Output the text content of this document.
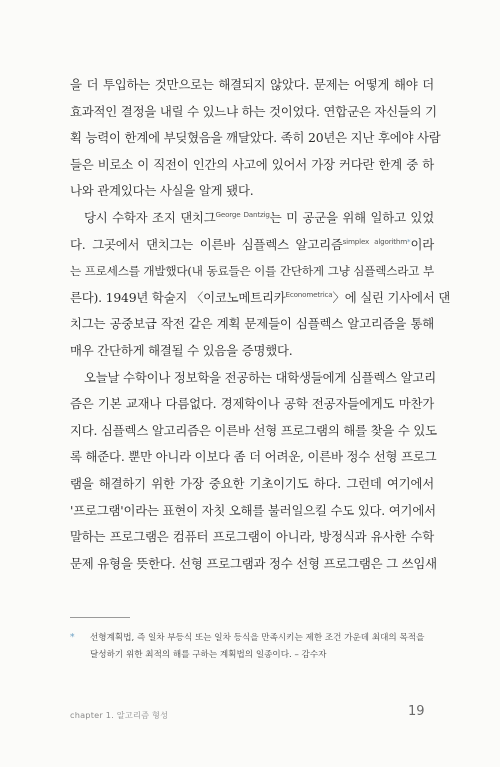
을 더 투입하는 것만으로는 해결되지 않았다. 문제는 어떻게 해야 더
효과적인 결정을 내릴 수 있느냐 하는 것이었다. 연합군은 자신들의 기
획 능력이 한계에 부딪혔음을 깨달았다. 족히 20년은 지난 후에야 사람
들은 비로소 이 직전이 인간의 사고에 있어서 가장 커다란 한계 중 하
나와 관계있다는 사실을 알게 됐다.
당시 수학자 조지 댄치그$^{George Dantzig}$는 미 공군을 위해 일하고 있었
다. 그곳에서 댄치그는 이른바 심플렉스 알고리즘$^{simplex algorithm*}$이라
는 프로세스를 개발했다(내 동료들은 이를 간단하게 그냥 심플렉스라고 부
른다). 1949년 학술지 〈이코노메트리카$^{Econometrica}$〉에 실린 기사에서 댄
치그는 공중보급 작전 같은 계획 문제들이 심플렉스 알고리즘을 통해
매우 간단하게 해결될 수 있음을 증명했다.
오늘날 수학이나 정보학을 전공하는 대학생들에게 심플렉스 알고리
즘은 기본 교재나 다름없다. 경제학이나 공학 전공자들에게도 마찬가
지다. 심플렉스 알고리즘은 이른바 선형 프로그램의 해를 찾을 수 있도
록 해준다. 뿐만 아니라 이보다 좀 더 어려운, 이른바 정수 선형 프로그
램을 해결하기 위한 가장 중요한 기초이기도 하다. 그런데 여기에서
'프로그램'이라는 표현이 자칫 오해를 불러일으킬 수도 있다. 여기에서
말하는 프로그램은 컴퓨터 프로그램이 아니라, 방정식과 유사한 수학
문제 유형을 뜻한다. 선형 프로그램과 정수 선형 프로그램은 그 쓰임새
*	선형계획법, 즉 일차 부등식 또는 일차 등식을 만족시키는 제한 조건 가운데 최대의 목적을
달성하기 위한 최적의 해를 구하는 계획법의 일종이다. – 감수자
chapter 1. 알고리즘 형성	19
